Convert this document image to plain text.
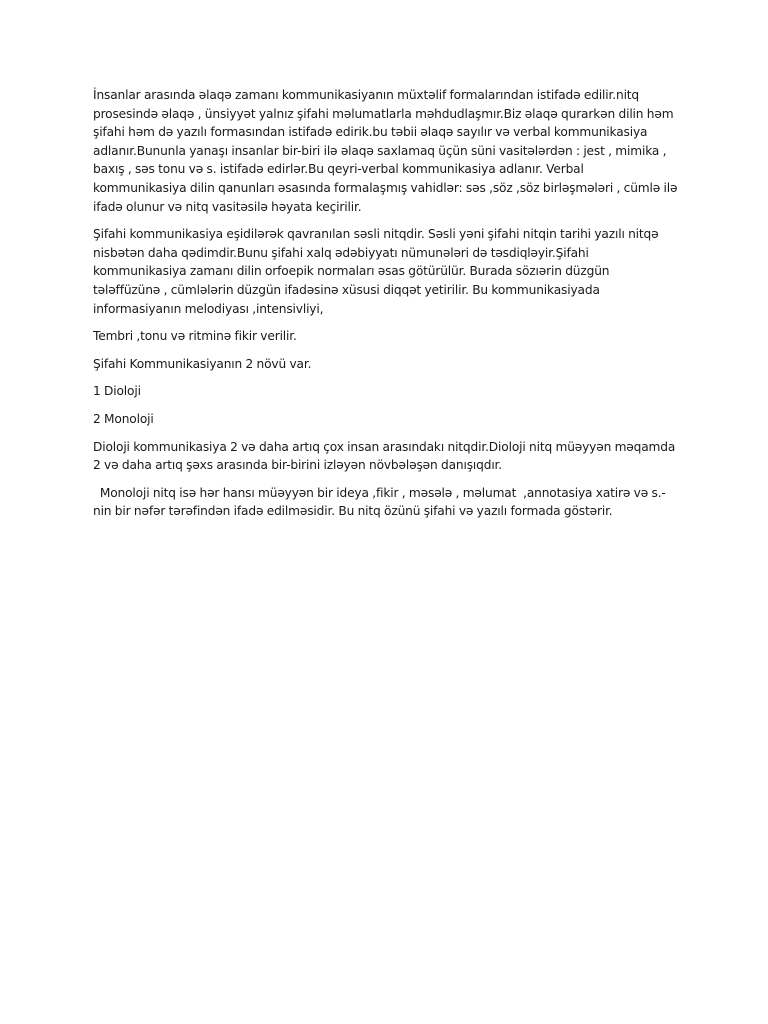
İnsanlar arasında əlaqə zamanı kommunikasiyanın müxtəlif formalarından istifadə edilir.nitq prosesində əlaqə , ünsiyyət yalnız şifahi məlumatlarla məhdudlaşmır.Biz əlaqə qurarkən dilin həm şifahi həm də yazılı formasından istifadə edirik.bu təbii əlaqə sayılır və verbal kommunikasiya adlanır.Bununla yanaşı insanlar bir-biri ilə əlaqə saxlamaq üçün süni vasitələrdən : jest , mimika , baxış , səs tonu və s. istifadə edirlər.Bu qeyri-verbal kommunikasiya adlanır. Verbal kommunikasiya dilin qanunları əsasında formalaşmış vahidlər: səs ,söz ,söz birləşmələri , cümlə ilə ifadə olunur və nitq vasitəsilə həyata keçirilir.

Şifahi kommunikasiya eşidilərək qavranılan səsli nitqdir. Səsli yəni şifahi nitqin tarihi yazılı nitqə nisbətən daha qədimdir.Bunu şifahi xalq ədəbiyyatı nümunələri də təsdiqləyir.Şifahi kommunikasiya zamanı dilin orfoepik normaları əsas götürülür. Burada sözıərin düzgün tələffüzünə , cümlələrin düzgün ifadəsinə xüsusi diqqət yetirilir. Bu kommunikasiyada informasiyanın melodiyası ,intensivliyi,

Tembri ,tonu və ritminə fikir verilir.

Şifahi Kommunikasiyanın 2 növü var.

1 Dioloji

2 Monoloji

Dioloji kommunikasiya 2 və daha artıq çox insan arasındakı nitqdir.Dioloji nitq müəyyən məqamda 2 və daha artıq şəxs arasında bir-birini izləyən növbələşən danışıqdır.

Monoloji nitq isə hər hansı müəyyən bir ideya ,fikir , məsələ , məlumat  ,annotasiya xatirə və s.-nin bir nəfər tərəfindən ifadə edilməsidir. Bu nitq özünü şifahi və yazılı formada göstərir.
